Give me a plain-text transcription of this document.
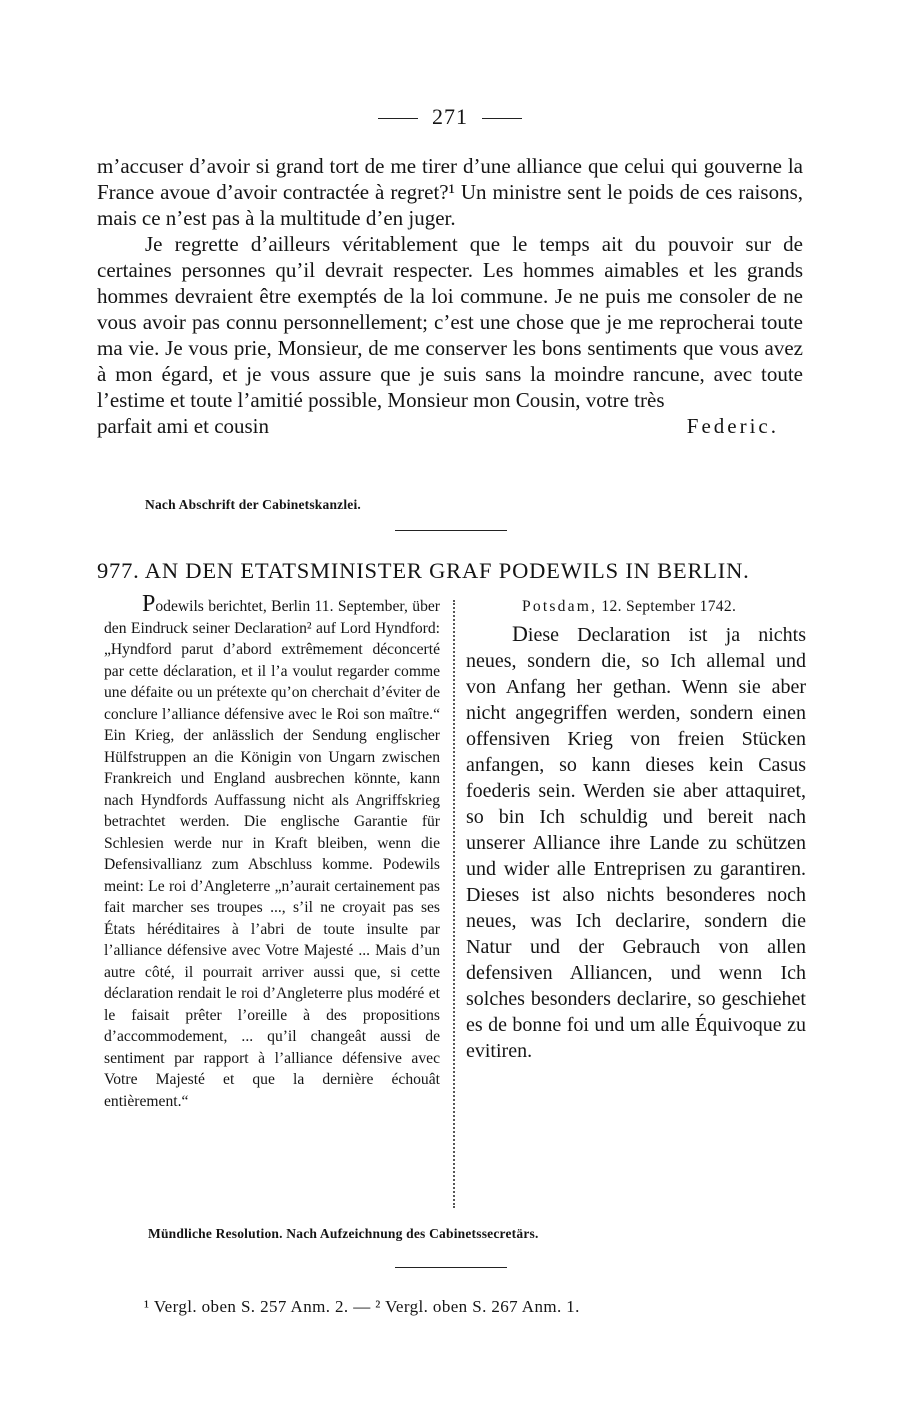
271

m’accuser d’avoir si grand tort de me tirer d’une alliance que celui qui gouverne la France avoue d’avoir contractée à regret?¹ Un ministre sent le poids de ces raisons, mais ce n’est pas à la multitude d’en juger.

Je regrette d’ailleurs véritablement que le temps ait du pouvoir sur de certaines personnes qu’il devrait respecter. Les hommes aimables et les grands hommes devraient être exemptés de la loi commune. Je ne puis me consoler de ne vous avoir pas connu personnellement; c’est une chose que je me reprocherai toute ma vie. Je vous prie, Monsieur, de me conserver les bons sentiments que vous avez à mon égard, et je vous assure que je suis sans la moindre rancune, avec toute l’estime et toute l’amitié possible, Monsieur mon Cousin, votre très

parfait ami et cousin	Federic.
Nach Abschrift der Cabinetskanzlei.
977. AN DEN ETATSMINISTER GRAF PODEWILS IN BERLIN.

Podewils berichtet, Berlin 11. September, über den Eindruck seiner Declaration² auf Lord Hyndford: „Hyndford parut d’abord extrêmement déconcerté par cette déclaration, et il l’a voulut regarder comme une défaite ou un prétexte qu’on cherchait d’éviter de conclure l’alliance défensive avec le Roi son maître.“ Ein Krieg, der anlässlich der Sendung englischer Hülfstruppen an die Königin von Ungarn zwischen Frankreich und England ausbrechen könnte, kann nach Hyndfords Auffassung nicht als Angriffskrieg betrachtet werden. Die englische Garantie für Schlesien werde nur in Kraft bleiben, wenn die Defensivallianz zum Abschluss komme. Podewils meint: Le roi d’Angleterre „n’aurait certainement pas fait marcher ses troupes ..., s’il ne croyait pas ses États héréditaires à l’abri de toute insulte par l’alliance défensive avec Votre Majesté ... Mais d’un autre côté, il pourrait arriver aussi que, si cette déclaration rendait le roi d’Angleterre plus modéré et le faisait prêter l’oreille à des propositions d’accommodement, ... qu’il changeât aussi de sentiment par rapport à l’alliance défensive avec Votre Majesté et que la dernière échouât entièrement.“

Potsdam, 12. September 1742.

Diese Declaration ist ja nichts neues, sondern die, so Ich allemal und von Anfang her gethan. Wenn sie aber nicht angegriffen werden, sondern einen offensiven Krieg von freien Stücken anfangen, so kann dieses kein Casus foederis sein. Werden sie aber attaquiret, so bin Ich schuldig und bereit nach unserer Alliance ihre Lande zu schützen und wider alle Entreprisen zu garantiren. Dieses ist also nichts besonderes noch neues, was Ich declarire, sondern die Natur und der Gebrauch von allen defensiven Alliancen, und wenn Ich solches besonders declarire, so geschiehet es de bonne foi und um alle Équivoque zu evitiren.

Mündliche Resolution. Nach Aufzeichnung des Cabinetssecretärs.
¹ Vergl. oben S. 257 Anm. 2. — ² Vergl. oben S. 267 Anm. 1.
